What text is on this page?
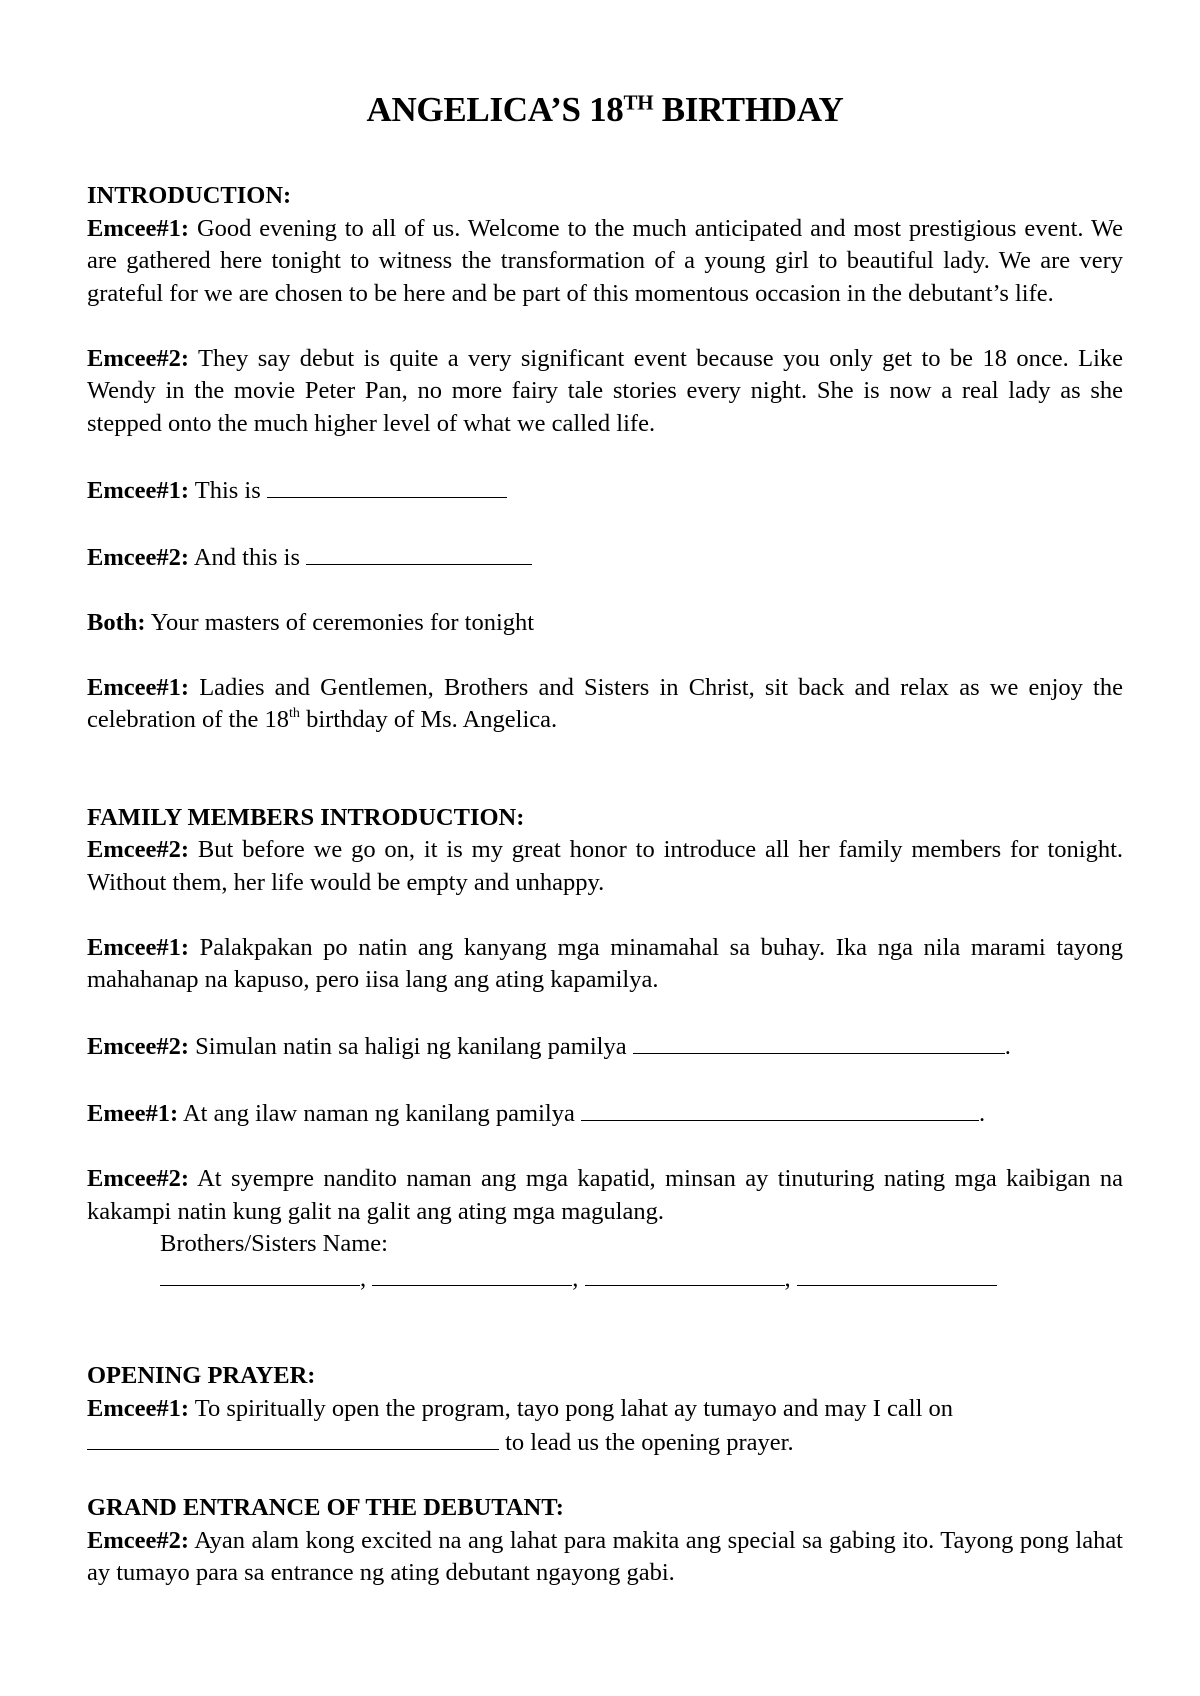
ANGELICA’S 18TH BIRTHDAY
INTRODUCTION:

Emcee#1: Good evening to all of us. Welcome to the much anticipated and most prestigious event. We are gathered here tonight to witness the transformation of a young girl to beautiful lady. We are very grateful for we are chosen to be here and be part of this momentous occasion in the debutant’s life.

Emcee#2: They say debut is quite a very significant event because you only get to be 18 once. Like Wendy in the movie Peter Pan, no more fairy tale stories every night. She is now a real lady as she stepped onto the much higher level of what we called life.

Emcee#1: This is

Emcee#2: And this is

Both: Your masters of ceremonies for tonight

Emcee#1: Ladies and Gentlemen, Brothers and Sisters in Christ, sit back and relax as we enjoy the celebration of the 18th birthday of Ms. Angelica.

FAMILY MEMBERS INTRODUCTION:

Emcee#2: But before we go on, it is my great honor to introduce all her family members for tonight. Without them, her life would be empty and unhappy.

Emcee#1: Palakpakan po natin ang kanyang mga minamahal sa buhay. Ika nga nila marami tayong mahahanap na kapuso, pero iisa lang ang ating kapamilya.

Emcee#2: Simulan natin sa haligi ng kanilang pamilya	.

Emee#1: At ang ilaw naman ng kanilang pamilya	.

Emcee#2: At syempre nandito naman ang mga kapatid, minsan ay tinuturing nating mga kaibigan na kakampi natin kung galit na galit ang ating mga magulang.

Brothers/Sisters Name:

,	,	,

OPENING PRAYER:

Emcee#1: To spiritually open the program, tayo pong lahat ay tumayo and may I call on

to lead us the opening prayer.

GRAND ENTRANCE OF THE DEBUTANT:

Emcee#2: Ayan alam kong excited na ang lahat para makita ang special sa gabing ito. Tayong pong lahat ay tumayo para sa entrance ng ating debutant ngayong gabi.
